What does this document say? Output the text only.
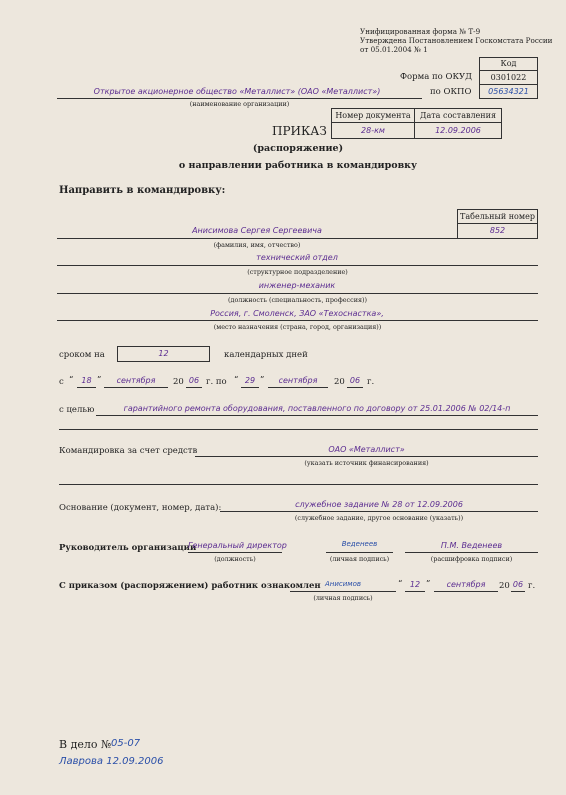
Унифицированная форма № Т-9
Утверждена Постановлением Госкомстата России
от 05.01.2004 № 1
Код
Форма по ОКУД	0301022
по ОКПО	05634321
Открытое акционерное общество «Металлист» (ОАО «Металлист»)
(наименование организации)
Номер документа	Дата составления
28-км	12.09.2006
ПРИКАЗ
(распоряжение)
о направлении работника в командировку
Направить в командировку:
Табельный номер
852
Анисимова Сергея Сергеевича
(фамилия, имя, отчество)
технический отдел
(структурное подразделение)
инженер-механик
(должность (специальность, профессия))
Россия, г. Смоленск, ЗАО «Техоснастка»,
(место назначения (страна, город, организация))
сроком на	12	календарных дней
с “	18 ”	сентября	20 06 г. по “ 29 ”	сентября	20 06 г.
с целью	гарантийного ремонта оборудования, поставленного по договору от 25.01.2006 № 02/14-п
Командировка за счет средств	ОАО «Металлист»
(указать источник финансирования)
Основание (документ, номер, дата):	служебное задание № 28 от 12.09.2006
(служебное задание, другое основание (указать))
Руководитель организации
Генеральный директор
(должность)
Веденеев
(личная подпись)
П.М. Веденеев
(расшифровка подписи)
С приказом (распоряжением) работник ознакомлен Анисимов
(личная подпись)
“ 12 ”	сентября	20 06 г.
В дело № 05-07
Лаврова 12.09.2006
